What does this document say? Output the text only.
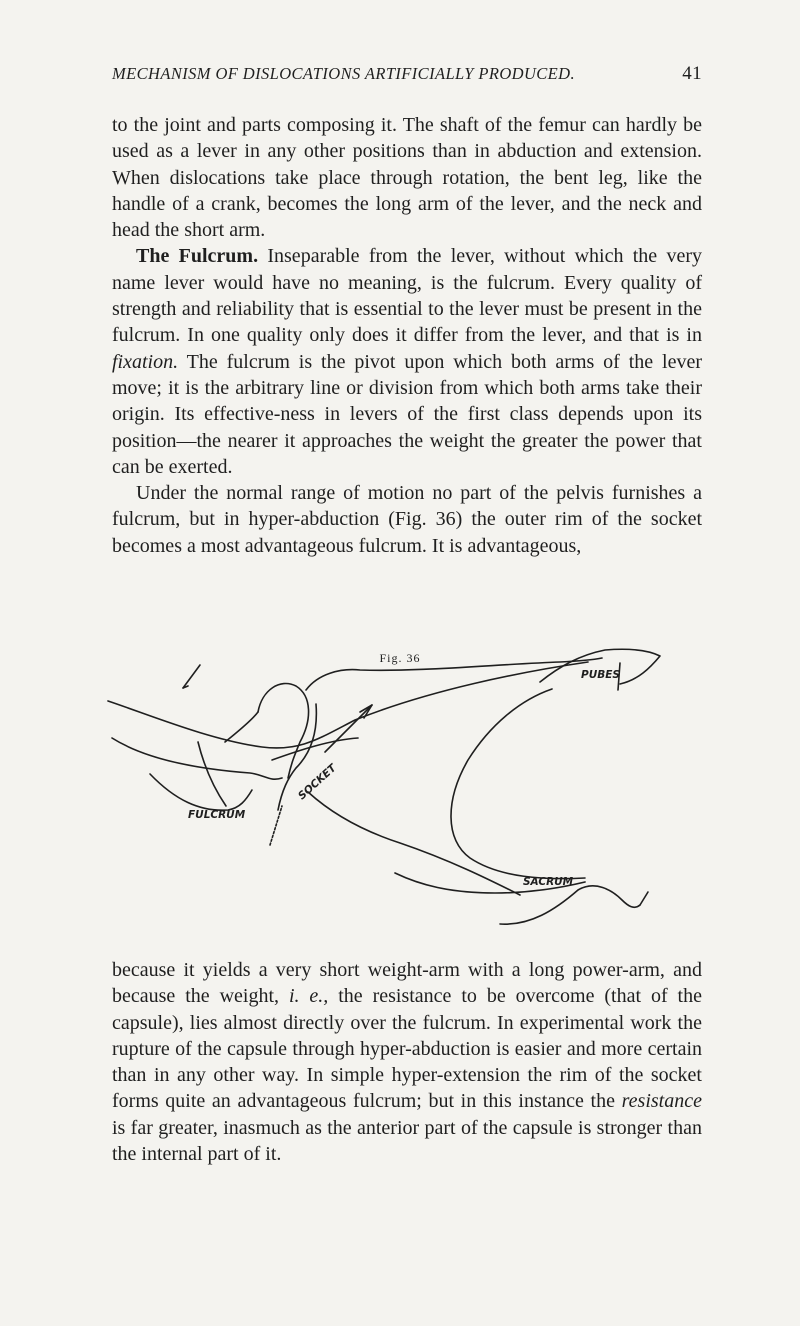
MECHANISM OF DISLOCATIONS ARTIFICIALLY PRODUCED.	41

to the joint and parts composing it. The shaft of the femur can hardly be used as a lever in any other positions than in abduction and extension. When dislocations take place through rotation, the bent leg, like the handle of a crank, becomes the long arm of the lever, and the neck and head the short arm.

The Fulcrum. Inseparable from the lever, without which the very name lever would have no meaning, is the fulcrum. Every quality of strength and reliability that is essential to the lever must be present in the fulcrum. In one quality only does it differ from the lever, and that is in fixation. The fulcrum is the pivot upon which both arms of the lever move; it is the arbitrary line or division from which both arms take their origin. Its effective-ness in levers of the first class depends upon its position—the nearer it approaches the weight the greater the power that can be exerted.

Under the normal range of motion no part of the pelvis furnishes a fulcrum, but in hyper-abduction (Fig. 36) the outer rim of the socket becomes a most advantageous fulcrum. It is advantageous,

Fig. 36
PUBES
FULCRUM
SACRUM
SOCKET

because it yields a very short weight-arm with a long power-arm, and because the weight, i. e., the resistance to be overcome (that of the capsule), lies almost directly over the fulcrum. In experimental work the rupture of the capsule through hyper-abduction is easier and more certain than in any other way. In simple hyper-extension the rim of the socket forms quite an advantageous fulcrum; but in this instance the resistance is far greater, inasmuch as the anterior part of the capsule is stronger than the internal part of it.
